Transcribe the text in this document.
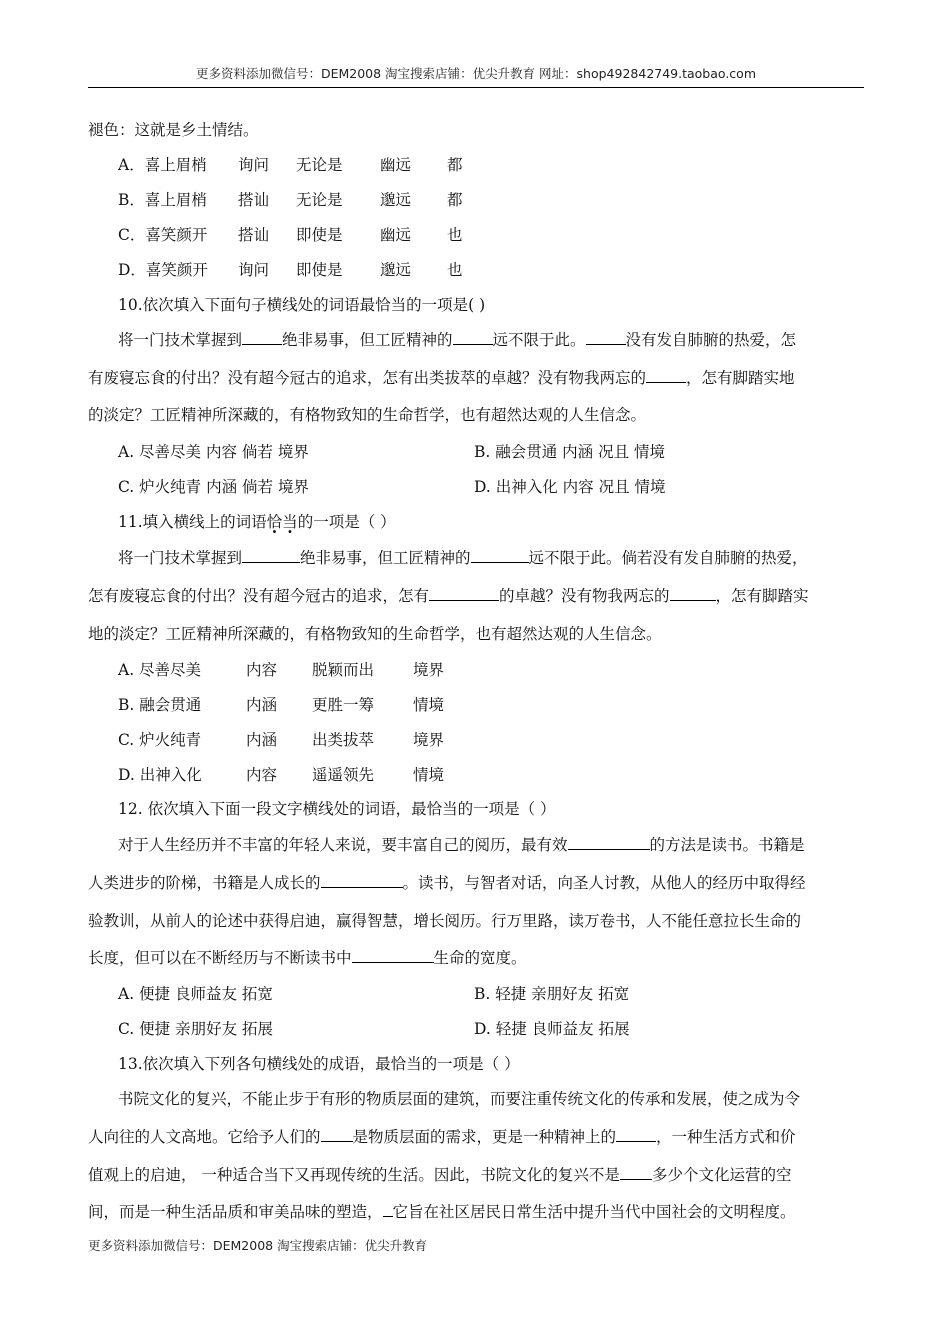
更多资料添加微信号：DEM2008 淘宝搜索店铺：优尖升教育 网址：shop492842749.taobao.com
褪色：这就是乡土情结。
A．喜上眉梢 询问 无论是 幽远 都
B．喜上眉梢 搭讪 无论是 邈远 都
C．喜笑颜开 搭讪 即使是 幽远 也
D．喜笑颜开 询问 即使是 邈远 也
10.依次填入下面句子横线处的词语最恰当的一项是( )
将一门技术掌握到	绝非易事，但工匠精神的	远不限于此。	没有发自肺腑的热爱，怎
有废寝忘食的付出？没有超今冠古的追求，怎有出类拔萃的卓越？没有物我两忘的	，怎有脚踏实地
的淡定？工匠精神所深藏的，有格物致知的生命哲学，也有超然达观的人生信念。
A. 尽善尽美 内容 倘若 境界	B. 融会贯通 内涵 况且 情境
C. 炉火纯青 内涵 倘若 境界	D. 出神入化 内容 况且 情境
11.填入横线上的词语恰当的一项是（ ）
将一门技术掌握到	绝非易事，但工匠精神的	远不限于此。倘若没有发自肺腑的热爱，
怎有废寝忘食的付出？没有超今冠古的追求，怎有	的卓越？没有物我两忘的	，怎有脚踏实
地的淡定？工匠精神所深藏的，有格物致知的生命哲学，也有超然达观的人生信念。
A. 尽善尽美	内容 脱颖而出	境界
B. 融会贯通	内涵 更胜一筹	情境
C. 炉火纯青	内涵 出类拔萃	境界
D. 出神入化	内容 遥遥领先	情境
12. 依次填入下面一段文字横线处的词语，最恰当的一项是（ ）
对于人生经历并不丰富的年轻人来说，要丰富自己的阅历，最有效	的方法是读书。书籍是
人类进步的阶梯，书籍是人成长的	。读书，与智者对话，向圣人讨教，从他人的经历中取得经
验教训，从前人的论述中获得启迪，赢得智慧，增长阅历。行万里路，读万卷书，人不能任意拉长生命的
长度，但可以在不断经历与不断读书中	生命的宽度。
A. 便捷 良师益友 拓宽	B. 轻捷 亲朋好友 拓宽
C. 便捷 亲朋好友 拓展	D. 轻捷 良师益友 拓展
13.依次填入下列各句横线处的成语，最恰当的一项是（ ）
书院文化的复兴，不能止步于有形的物质层面的建筑，而要注重传统文化的传承和发展，使之成为令
人向往的人文高地。它给予人们的 是物质层面的需求，更是一种精神上的	，一种生活方式和价
值观上的启迪， 一种适合当下又再现传统的生活。因此，书院文化的复兴不是 多少个文化运营的空
间，而是一种生活品质和审美品味的塑造， 它旨在社区居民日常生活中提升当代中国社会的文明程度。
更多资料添加微信号：DEM2008 淘宝搜索店铺：优尖升教育
